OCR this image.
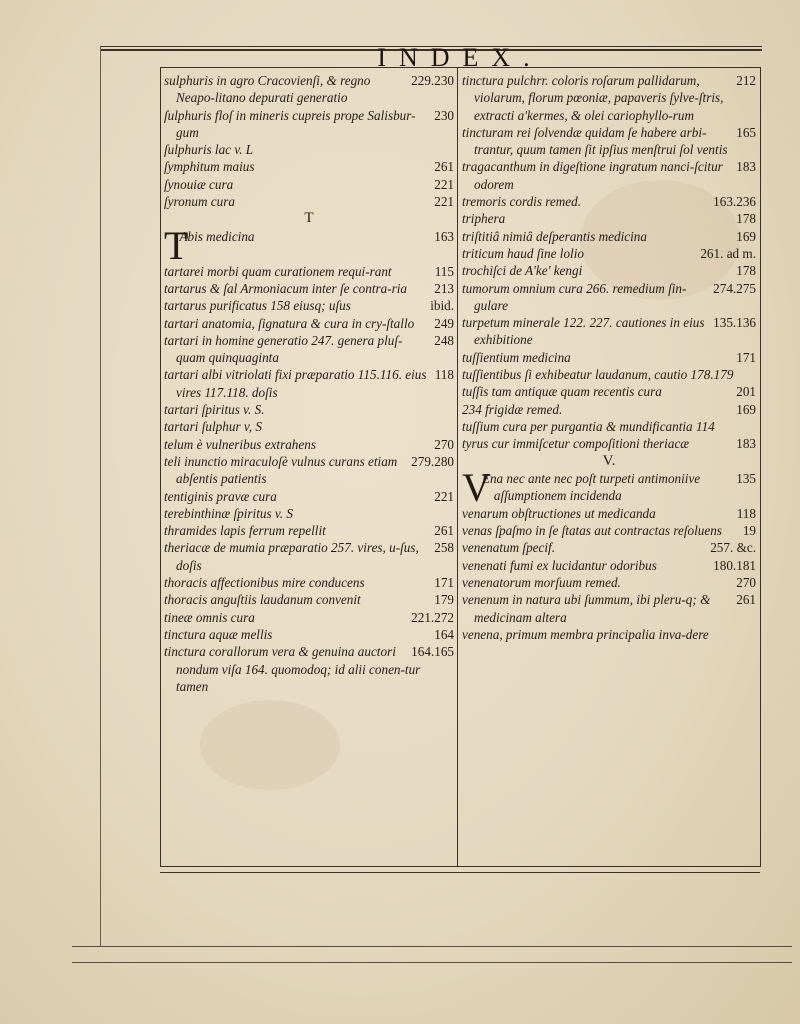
INDEX.

229.230
sulphuris in agro Cracovienſi, & regno Neapo-litano depurati generatio

230
ſulphuris floſ in mineris cupreis prope Salisbur-gum

ſulphuris lac v. L

261
ſymphitum maius

221
ſynouiæ cura

221
ſyronum cura

T

T	163
Abis medicina

115
tartarei morbi quam curationem requi-rant

213
tartarus & ſal Armoniacum inter ſe contra-ria

ibid.
tartarus purificatus 158 eiusq; uſus

249
tartari anatomia, ſignatura & cura in cry-ſtallo

248
tartari in homine generatio 247. genera pluſ-quam quinquaginta

118
tartari albi vitriolati fixi præparatio 115.116. eius vires 117.118. doſis

tartari ſpiritus v. S.

tartari ſulphur v, S

270
telum è vulneribus extrahens

279.280
teli inunctio miraculoſè vulnus curans etiam abſentis patientis

221
tentiginis pravæ cura

terebinthinæ ſpiritus v. S

261
thramides lapis ferrum repellit

258
theriacæ de mumia præparatio 257. vires, u-ſus, doſis

171
thoracis affectionibus mire conducens

179
thoracis anguſtiis laudanum convenit

221.272
tineæ omnis cura

164
tinctura aquæ mellis

164.165
tinctura corallorum vera & genuina auctori nondum viſa 164. quomodoq; id alii conen-tur tamen

212
tinctura pulchrr. coloris roſarum pallidarum, violarum, florum pœoniæ, papaveris ſylve-ſtris, extracti a'kermes, & olei cariophyllo-rum

165
tincturam rei ſolvendæ quidam ſe habere arbi-trantur, quum tamen ſit ipſius menſtrui ſol ventis

183
tragacanthum in digeſtione ingratum nanci-ſcitur odorem

163.236
tremoris cordis remed.

178
triphera

169
triſtitiâ nimiâ deſperantis medicina

261. ad m.
triticum haud ſine lolio

178
trochiſci de A'ke' kengi

274.275
tumorum omnium cura 266. remedium ſin-gulare

135.136
turpetum minerale 122. 227. cautiones in eius exhibitione

171
tuſſientium medicina

tuſſientibus ſi exhibeatur laudanum, cautio 178.179

201
tuſſis tam antiquæ quam recentis cura

169
234 frigidæ remed.

tuſſium cura per purgantia & mundificantia 114

183
tyrus cur immiſcetur compoſitioni theriacæ

V.

V	135
Ena nec ante nec poſt turpeti antimoniive aſſumptionem incidenda

118
venarum obſtructiones ut medicanda

19
venas ſpaſmo in ſe ſtatas aut contractas reſoluens

257. &c.
venenatum ſpecif.

180.181
venenati fumi ex lucidantur odoribus

270
venenatorum morſuum remed.

261
venenum in natura ubi ſummum, ibi pleru-q; & medicinam altera

venena, primum membra principalia inva-dere
